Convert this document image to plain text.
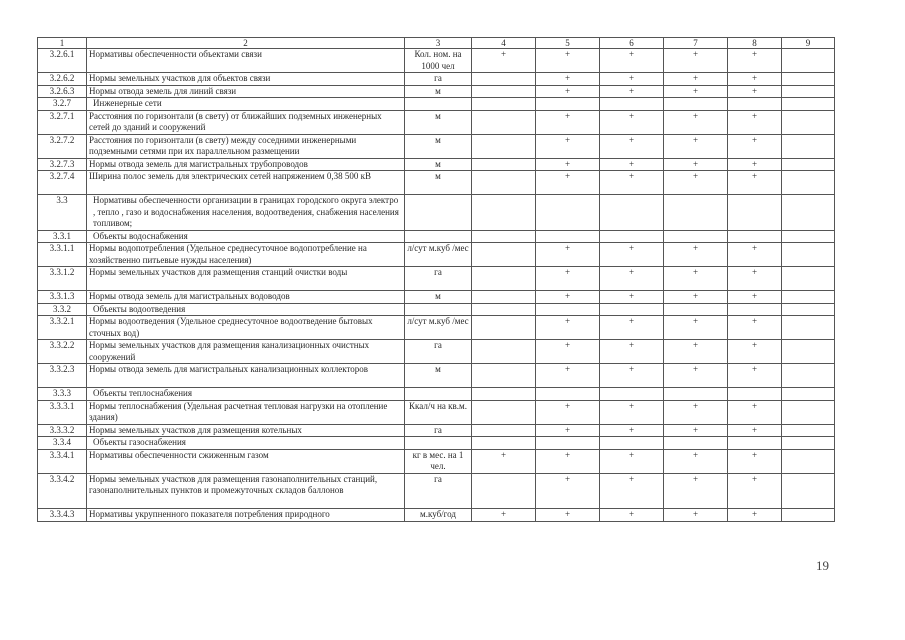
1	2	3	4	5	6	7	8	9
3.2.6.1	Нормативы обеспеченности объектами связи	Кол. ном. на 1000 чел	+	+	+	+	+	
3.2.6.2	Нормы земельных участков для объектов связи	га		+	+	+	+	
3.2.6.3	Нормы отвода земель для линий связи	м		+	+	+	+	
3.2.7	Инженерные сети							
3.2.7.1	Расстояния по горизонтали (в свету) от ближайших подземных инженерных сетей до зданий и сооружений	м		+	+	+	+	
3.2.7.2	Расстояния по горизонтали (в свету) между соседними инженерными подземными сетями при их параллельном размещении	м		+	+	+	+	
3.2.7.3	Нормы отвода земель для магистральных трубопроводов	м		+	+	+	+	
3.2.7.4	Ширина полос земель для электрических сетей напряжением 0,38 500 кВ	м		+	+	+	+	
3.3	Нормативы обеспеченности организации в границах городского округа электро , тепло , газо и водоснабжения населения, водоотведения, снабжения населения топливом;							
3.3.1	Объекты водоснабжения							
3.3.1.1	Нормы водопотребления (Удельное среднесуточное водопотребление на хозяйственно питьевые нужды населения)	л/сут м.куб /мес		+	+	+	+	
3.3.1.2	Нормы земельных участков для размещения станций очистки воды	га		+	+	+	+	
3.3.1.3	Нормы отвода земель для магистральных водоводов	м		+	+	+	+	
3.3.2	Объекты водоотведения							
3.3.2.1	Нормы водоотведения (Удельное среднесуточное водоотведение бытовых сточных вод)	л/сут м.куб /мес		+	+	+	+	
3.3.2.2	Нормы земельных участков для размещения канализационных очистных сооружений	га		+	+	+	+	
3.3.2.3	Нормы отвода земель для магистральных канализационных коллекторов	м		+	+	+	+	
3.3.3	Объекты теплоснабжения							
3.3.3.1	Нормы теплоснабжения (Удельная расчетная тепловая нагрузки на отопление здания)	Ккал/ч на кв.м.		+	+	+	+	
3.3.3.2	Нормы земельных участков для размещения котельных	га		+	+	+	+	
3.3.4	Объекты газоснабжения							
3.3.4.1	Нормативы обеспеченности сжиженным газом	кг в мес. на 1 чел.	+	+	+	+	+	
3.3.4.2	Нормы земельных участков для размещения газонаполнительных станций, газонаполнительных пунктов и промежуточных складов баллонов	га		+	+	+	+	
3.3.4.3	Нормативы укрупненного показателя потребления природного	м.куб/год	+	+	+	+	+	
19
